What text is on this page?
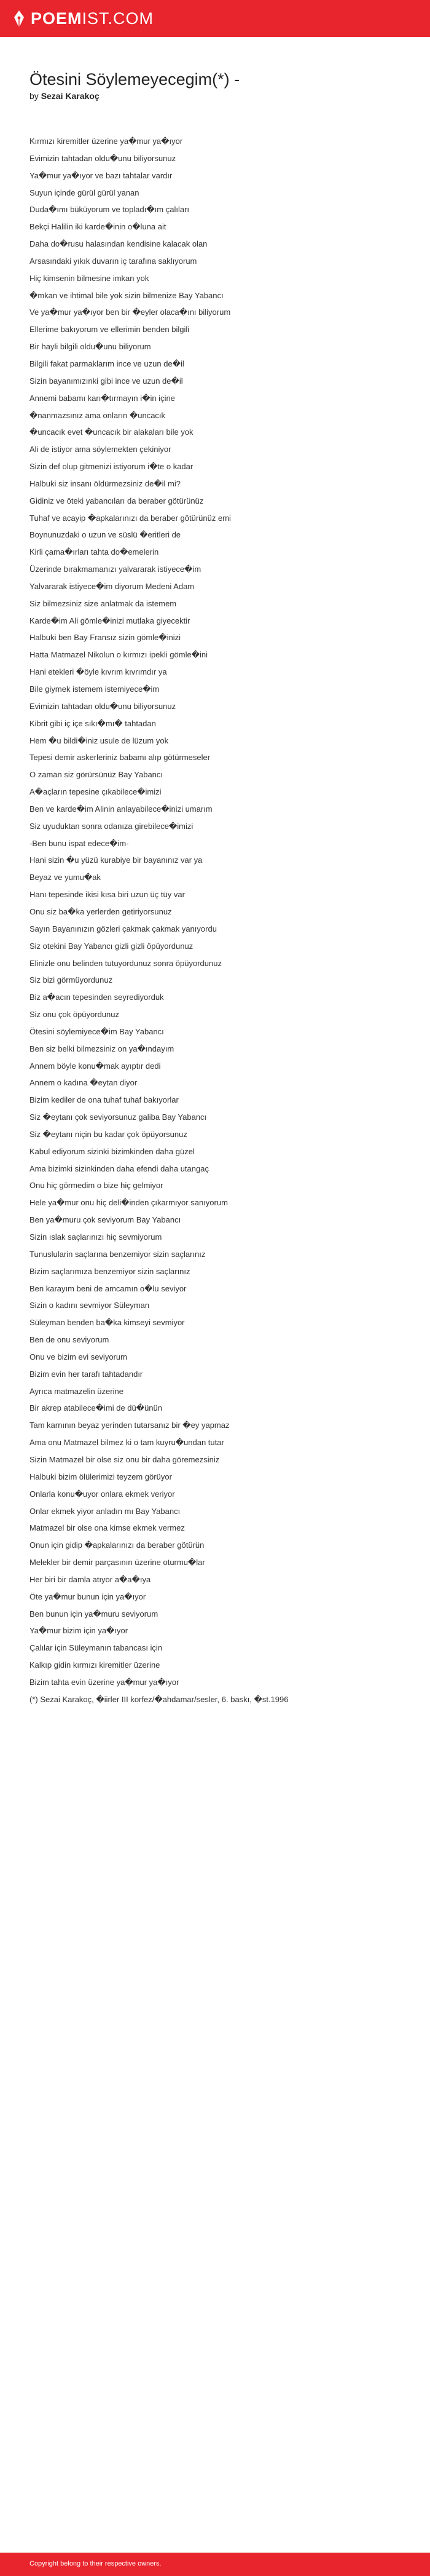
POEMIST.COM
Ötesini Söylemeyecegim(*) -
by Sezai Karakoç
Kırmızı kiremitler üzerine ya�mur ya�ıyor
Evimizin tahtadan oldu�unu biliyorsunuz
Ya�mur ya�ıyor ve bazı tahtalar vardır
Suyun içinde gürül gürül yanan
Duda�ımı büküyorum ve topladı�ım çalıları
Bekçi Halilin iki karde�inin o�luna ait
Daha do�rusu halasından kendisine kalacak olan
Arsasındaki yıkık duvarın iç tarafına saklıyorum
Hiç kimsenin bilmesine imkan yok
�mkan ve ihtimal bile yok sizin bilmenize Bay Yabancı
Ve ya�mur ya�ıyor ben bir �eyler olaca�ını biliyorum
Ellerime bakıyorum ve ellerimin benden bilgili
Bir hayli bilgili oldu�unu biliyorum
Bilgili fakat parmaklarım ince ve uzun de�il
Sizin bayanımızınki gibi ince ve uzun de�il
Annemi babamı karı�tırmayın i�in içine
�nanmazsınız ama onların �uncacık
�uncacık evet �uncacık bir alakaları bile yok
Ali de istiyor ama söylemekten çekiniyor
Sizin def olup gitmenizi istiyorum i�te o kadar
Halbuki siz insanı öldürmezsiniz de�il mi?
Gidiniz ve öteki yabancıları da beraber götürünüz
Tuhaf ve acayip �apkalarınızı da beraber götürünüz emi
Boynunuzdaki o uzun ve süslü �eritleri de
Kirli çama�ırları tahta do�emelerin
Üzerinde bırakmamanızı yalvararak istiyece�im
Yalvararak istiyece�im diyorum Medeni Adam
Siz bilmezsiniz size anlatmak da istemem
Karde�im Ali gömle�inizi mutlaka giyecektir
Halbuki ben Bay Fransız sizin gömle�inizi
Hatta Matmazel Nikolun o kırmızı ipekli gömle�ini
Hani etekleri �öyle kıvrım kıvrımdır ya
Bile giymek istemem istemiyece�im
Evimizin tahtadan oldu�unu biliyorsunuz
Kibrit gibi iç içe sıkı�mı� tahtadan
Hem �u bildi�iniz usule de lüzum yok
Tepesi demir askerleriniz babamı alıp götürmeseler
O zaman siz görürsünüz Bay Yabancı
A�açların tepesine çıkabilece�imizi
Ben ve karde�im Alinin anlayabilece�inizi umarım
Siz uyuduktan sonra odanıza girebilece�imizi
-Ben bunu ispat edece�im-
Hani sizin �u yüzü kurabiye bir bayanınız var ya
Beyaz ve yumu�ak
Hanı tepesinde ikisi kısa biri uzun üç tüy var
Onu siz ba�ka yerlerden getiriyorsunuz
Sayın Bayanınızın gözleri çakmak çakmak yanıyordu
Siz otekini Bay Yabancı gizli gizli öpüyordunuz
Elinizle onu belinden tutuyordunuz sonra öpüyordunuz
Siz bizi görmüyordunuz
Biz a�acın tepesinden seyrediyorduk
Siz onu çok öpüyordunuz
Ötesini söylemiyece�im Bay Yabancı
Ben siz belki bilmezsiniz on ya�ındayım
Annem böyle konu�mak ayıptır dedi
Annem o kadına �eytan diyor
Bizim kediler de ona tuhaf tuhaf bakıyorlar
Siz �eytanı çok seviyorsunuz galiba Bay Yabancı
Siz �eytanı niçin bu kadar çok öpüyorsunuz
Kabul ediyorum sizinki bizimkinden daha güzel
Ama bizimki sizinkinden daha efendi daha utangaç
Onu hiç görmedim o bize hiç gelmiyor
Hele ya�mur onu hiç deli�inden çıkarmıyor sanıyorum
Ben ya�muru çok seviyorum Bay Yabancı
Sizin ıslak saçlarınızı hiç sevmiyorum
Tunuslularin saçlarına benzemiyor sizin saçlarınız
Bizim saçlarımıza benzemiyor sizin saçlarınız
Ben karayım beni de amcamın o�lu seviyor
Sizin o kadını sevmiyor Süleyman
Süleyman benden ba�ka kimseyi sevmiyor
Ben de onu seviyorum
Onu ve bizim evi seviyorum
Bizim evin her tarafı tahtadandır
Ayrıca matmazelin üzerine
Bir akrep atabilece�imi de dü�ünün
Tam karnının beyaz yerinden tutarsanız bir �ey yapmaz
Ama onu Matmazel bilmez ki o tam kuyru�undan tutar
Sizin Matmazel bir olse siz onu bir daha göremezsiniz
Halbuki bizim ölülerimizi teyzem görüyor
Onlarla konu�uyor onlara ekmek veriyor
Onlar ekmek yiyor anladın mı Bay Yabancı
Matmazel bir olse ona kimse ekmek vermez
Onun için gidip �apkalarınızı da beraber götürün
Melekler bir demir parçasının üzerine oturmu�lar
Her biri bir damla atıyor a�a�ıya
Öte ya�mur bunun için ya�ıyor
Ben bunun için ya�muru seviyorum
Ya�mur bizim için ya�ıyor
Çalılar için Süleymanın tabancası için
Kalkıp gidin kırmızı kiremitler üzerine
Bizim tahta evin üzerine ya�mur ya�ıyor
(*) Sezai Karakoç, �iirler III korfez/�ahdamar/sesler, 6. baskı, �st.1996
Copyright belong to their respective owners.
